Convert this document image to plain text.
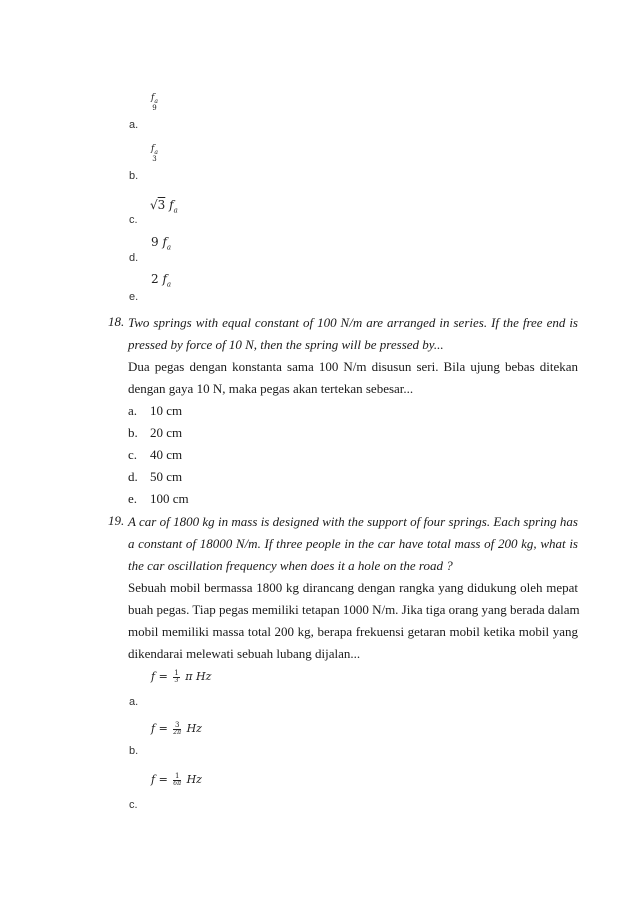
$f_a$
9
a.
$f_a$
3
b.
√3 $f_a$
c.
9 $f_a$
d.
2 $f_a$
e.
18. Two springs with equal constant of 100 N/m are arranged in series. If the free end is
pressed by force of 10 N, then the spring will be pressed by...
Dua pegas dengan konstanta sama 100 N/m disusun seri. Bila ujung bebas ditekan
dengan gaya 10 N, maka pegas akan tertekan sebesar...
a. 10 cm
b. 20 cm
c. 40 cm
d. 50 cm
e. 100 cm
19. A car of 1800 kg in mass is designed with the support of four springs. Each spring has
a constant of 18000 N/m. If three people in the car have total mass of 200 kg, what is
the car oscillation frequency when does it a hole on the road ?
Sebuah mobil bermassa 1800 kg dirancang dengan rangka yang didukung oleh mepat
buah pegas. Tiap pegas memiliki tetapan 1000 N/m. Jika tiga orang yang berada dalam
mobil memiliki massa total 200 kg, berapa frekuensi getaran mobil ketika mobil yang
dikendarai melewati sebuah lubang dijalan...
$f = \frac{1}{3}$ π Hz
a.
$f = \frac{3}{2\pi}$ Hz
b.
$f = \frac{1}{6\pi}$ Hz
c.
